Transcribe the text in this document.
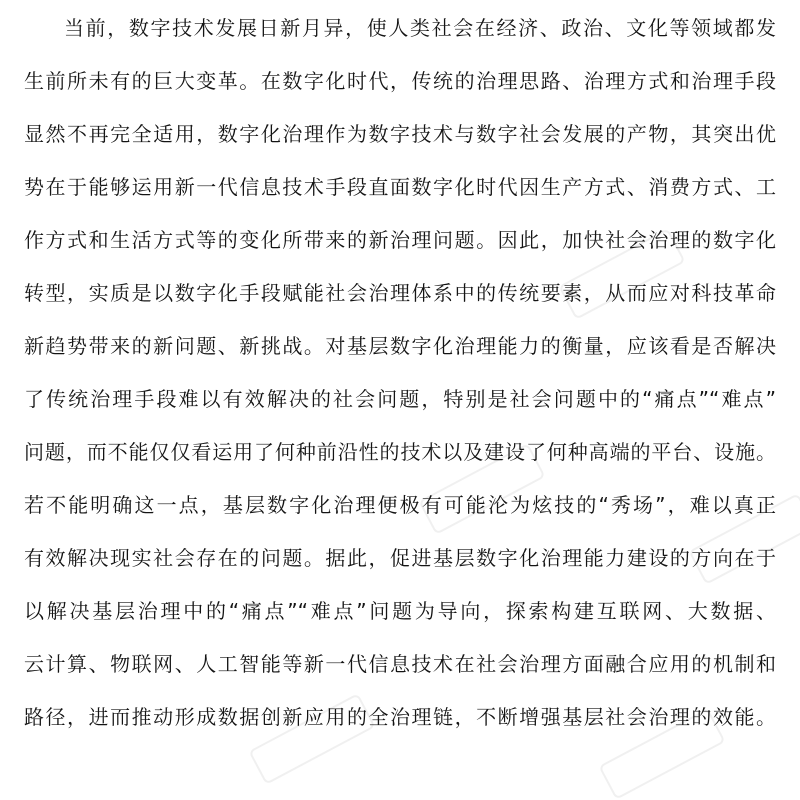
当前，数字技术发展日新月异，使人类社会在经济、政治、文化等领域都发
生前所未有的巨大变革。在数字化时代，传统的治理思路、治理方式和治理手段
显然不再完全适用，数字化治理作为数字技术与数字社会发展的产物，其突出优
势在于能够运用新一代信息技术手段直面数字化时代因生产方式、消费方式、工
作方式和生活方式等的变化所带来的新治理问题。因此，加快社会治理的数字化
转型，实质是以数字化手段赋能社会治理体系中的传统要素，从而应对科技革命
新趋势带来的新问题、新挑战。对基层数字化治理能力的衡量，应该看是否解决
了传统治理手段难以有效解决的社会问题，特别是社会问题中的“痛点”“难点”
问题，而不能仅仅看运用了何种前沿性的技术以及建设了何种高端的平台、设施。
若不能明确这一点，基层数字化治理便极有可能沦为炫技的“秀场”，难以真正
有效解决现实社会存在的问题。据此，促进基层数字化治理能力建设的方向在于
以解决基层治理中的“痛点”“难点”问题为导向，探索构建互联网、大数据、
云计算、物联网、人工智能等新一代信息技术在社会治理方面融合应用的机制和
路径，进而推动形成数据创新应用的全治理链，不断增强基层社会治理的效能。
